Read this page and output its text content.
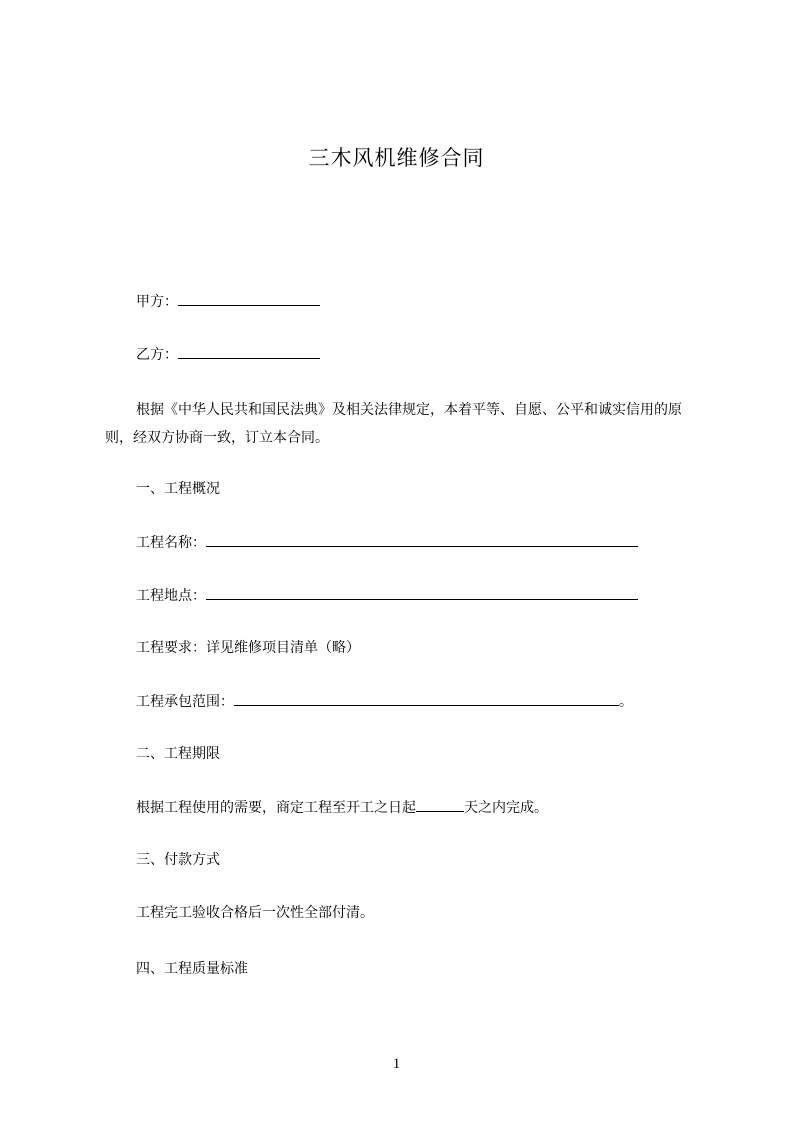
三木风机维修合同
甲方：
乙方：
根据《中华人民共和国民法典》及相关法律规定，本着平等、自愿、公平和诚实信用的原则，经双方协商一致，订立本合同。
一、工程概况
工程名称：
工程地点：
工程要求：详见维修项目清单（略）
工程承包范围：	。
二、工程期限
根据工程使用的需要，商定工程至开工之日起	天之内完成。
三、付款方式
工程完工验收合格后一次性全部付清。
四、工程质量标准
1
